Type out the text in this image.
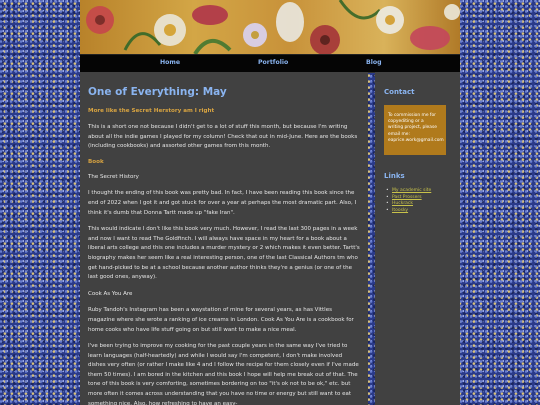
Home	Portfolio	Blog
One of Everything: May
More like the Secret Herstory am I right

This is a short one not because I didn't get to a lot of stuff this month, but because I'm writing about all the indie games I played for my column! Check that out in mid-June. Here are the books (including cookbooks) and assorted other games from this month.

Book

The Secret History

I thought the ending of this book was pretty bad. In fact, I have been reading this book since the end of 2022 when I got it and got stuck for over a year at perhaps the most dramatic part. Also, I think it's dumb that Donna Tartt made up "fake Iran".

This would indicate I don't like this book very much. However, I read the last 300 pages in a week and now I want to read The Goldfinch. I will always have space in my heart for a book about a liberal arts college and this one includes a murder mystery or 2 which makes it even better. Tartt's biography makes her seem like a real interesting person, one of the last Classical Authors tm who get hand-picked to be at a school because another author thinks they're a genius (or one of the last good ones, anyway).

Cook As You Are

Ruby Tandoh's Instagram has been a waystation of mine for several years, as has Vittles magazine where she wrote a ranking of ice creams in London. Cook As You Are is a cookbook for home cooks who have life stuff going on but still want to make a nice meal.

I've been trying to improve my cooking for the past couple years in the same way I've tried to learn languages (half-heartedly) and while I would say I'm competent, I don't make involved dishes very often (or rather I make like 4 and I follow the recipe for them closely even if I've made them 50 times). I am bored in the kitchen and this book I hope will help me break out of that. The tone of this book is very comforting, sometimes bordering on too "it's ok not to be ok," etc. but more often it comes across understanding that you have no time or energy but still want to eat something nice. Also, how refreshing to have an easy-

Contact
To commission me for
copyediting or a
writing project, please
email me:
eaprice.work@gmail.com
Links
• My academic site
• Past Prossers
• Huckrack
• Itoosky
